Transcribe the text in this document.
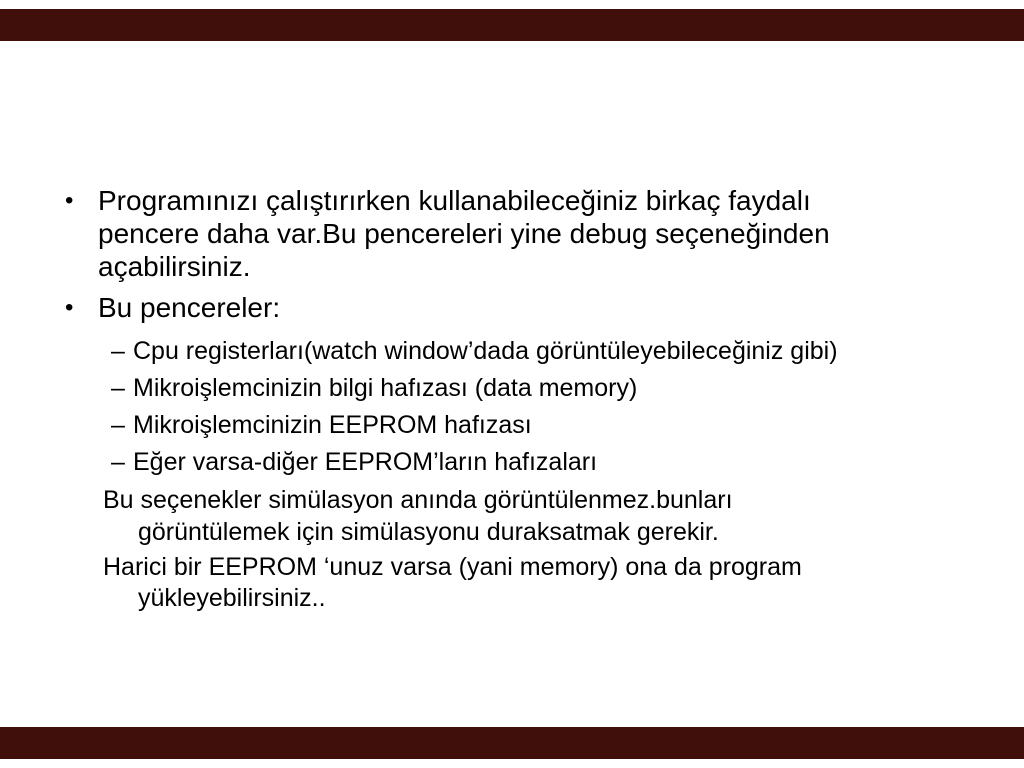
• Programınızı çalıştırırken kullanabileceğiniz birkaç faydalı
pencere daha var.Bu pencereleri yine debug seçeneğinden
açabilirsiniz.
• Bu pencereler:
– Cpu registerları(watch window’dada görüntüleyebileceğiniz gibi)
– Mikroişlemcinizin bilgi hafızası (data memory)
– Mikroişlemcinizin EEPROM hafızası
– Eğer varsa-diğer EEPROM’ların hafızaları
Bu seçenekler simülasyon anında görüntülenmez.bunları
görüntülemek için simülasyonu duraksatmak gerekir.
Harici bir EEPROM ‘unuz varsa (yani memory) ona da program
yükleyebilirsiniz..
